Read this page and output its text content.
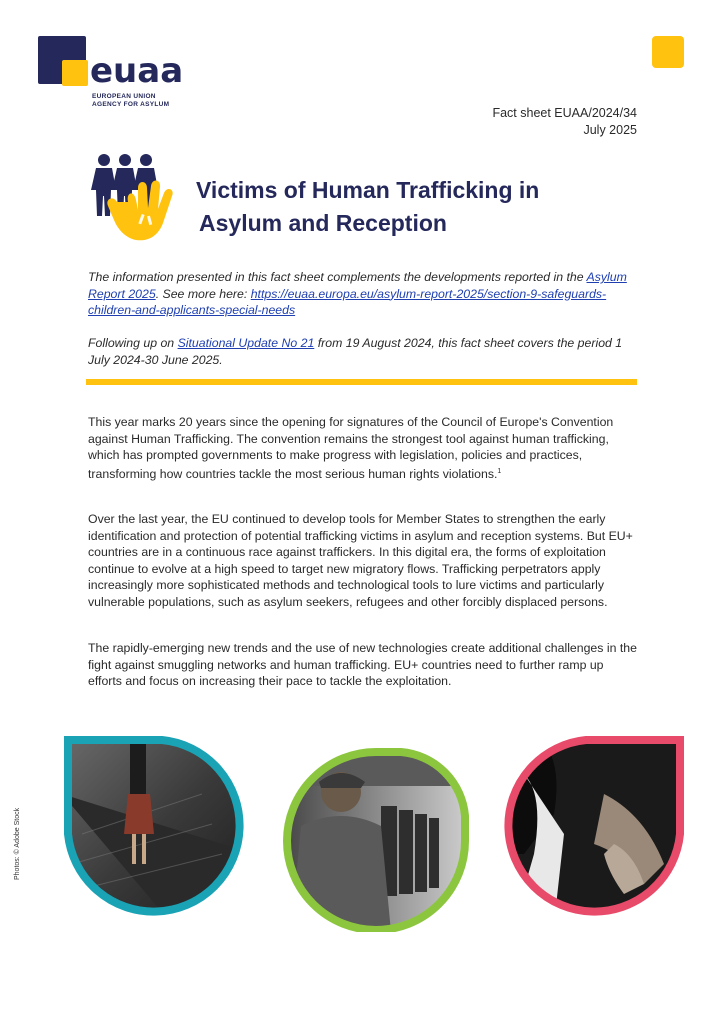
euaa
EUROPEAN UNION
AGENCY FOR ASYLUM
Fact sheet EUAA/2024/34
July 2025
Victims of Human Trafficking in
Asylum and Reception
The information presented in this fact sheet complements the developments reported in the Asylum Report 2025. See more here: https://euaa.europa.eu/asylum-report-2025/section-9-safeguards-children-and-applicants-special-needs
Following up on Situational Update No 21 from 19 August 2024, this fact sheet covers the period 1 July 2024-30 June 2025.
This year marks 20 years since the opening for signatures of the Council of Europe's Convention against Human Trafficking. The convention remains the strongest tool against human trafficking, which has prompted governments to make progress with legislation, policies and practices, transforming how countries tackle the most serious human rights violations.$^1$
Over the last year, the EU continued to develop tools for Member States to strengthen the early identification and protection of potential trafficking victims in asylum and reception systems. But EU+ countries are in a continuous race against traffickers. In this digital era, the forms of exploitation continue to evolve at a high speed to target new migratory flows. Trafficking perpetrators apply increasingly more sophisticated methods and technological tools to lure victims and particularly vulnerable populations, such as asylum seekers, refugees and other forcibly displaced persons.
The rapidly-emerging new trends and the use of new technologies create additional challenges in the fight against smuggling networks and human trafficking. EU+ countries need to further ramp up efforts and focus on increasing their pace to tackle the exploitation.
Photos: © Adobe Stock
